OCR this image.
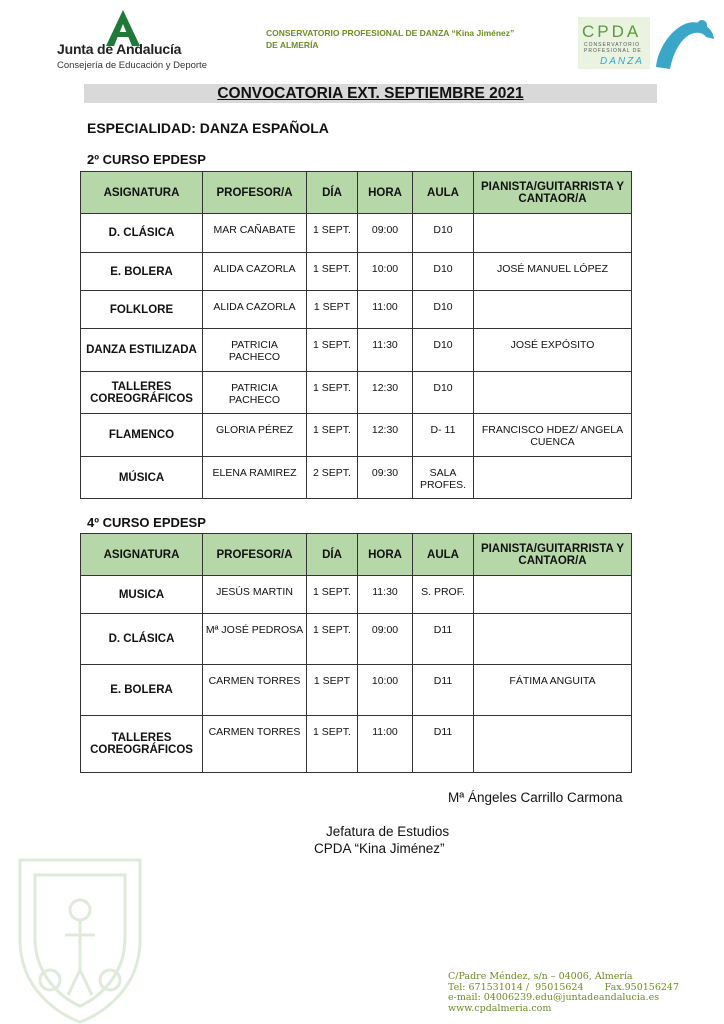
Junta de Andalucía
Consejería de Educación y Deporte
CONSERVATORIO PROFESIONAL DE DANZA “Kina Jiménez”
DE ALMERÍA
CPDA
CONSERVATORIO PROFESIONAL DE
DANZA
CONVOCATORIA EXT. SEPTIEMBRE 2021
ESPECIALIDAD: DANZA ESPAÑOLA
2º CURSO EPDESP
ASIGNATURA	PROFESOR/A	DÍA	HORA	AULA	PIANISTA/GUITARRISTA Y CANTAOR/A
D. CLÁSICA	MAR CAÑABATE	1 SEPT.	09:00	D10	
E. BOLERA	ALIDA CAZORLA	1 SEPT.	10:00	D10	JOSÉ MANUEL LÓPEZ
FOLKLORE	ALIDA CAZORLA	1 SEPT	11:00	D10	
DANZA ESTILIZADA	PATRICIA PACHECO	1 SEPT.	11:30	D10	JOSÉ EXPÓSITO
TALLERES COREOGRÁFICOS	PATRICIA PACHECO	1 SEPT.	12:30	D10	
FLAMENCO	GLORIA PÉREZ	1 SEPT.	12:30	D- 11	FRANCISCO HDEZ/ ANGELA CUENCA
MÚSICA	ELENA RAMIREZ	2 SEPT.	09:30	SALA PROFES.	
4º CURSO EPDESP
ASIGNATURA	PROFESOR/A	DÍA	HORA	AULA	PIANISTA/GUITARRISTA Y CANTAOR/A
MUSICA	JESÚS MARTIN	1 SEPT.	11:30	S. PROF.	
D. CLÁSICA	Mª JOSÉ PEDROSA	1 SEPT.	09:00	D11	
E. BOLERA	CARMEN TORRES	1 SEPT	10:00	D11	FÁTIMA ANGUITA
TALLERES COREOGRÁFICOS	CARMEN TORRES	1 SEPT.	11:00	D11	
Mª Ángeles Carrillo Carmona
Jefatura de Estudios
CPDA “Kina Jiménez”
C/Padre Méndez, s/n – 04006, Almería
Tel: 671531014 /  95015624       Fax.950156247
e-mail: 04006239.edu@juntadeandalucia.es
www.cpdalmeria.com
